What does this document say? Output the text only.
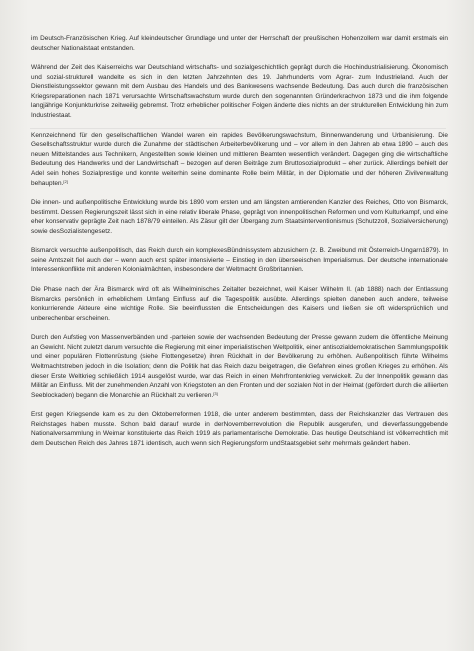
im Deutsch-Französischen Krieg. Auf kleindeutscher Grundlage und unter der Herrschaft der preußischen Hohenzollern war damit erstmals ein deutscher Nationalstaat entstanden.

Während der Zeit des Kaiserreichs war Deutschland wirtschafts- und sozialgeschichtlich geprägt durch die Hochindustrialisierung. Ökonomisch und sozial-strukturell wandelte es sich in den letzten Jahrzehnten des 19. Jahrhunderts vom Agrar- zum Industrieland. Auch der Dienstleistungssektor gewann mit dem Ausbau des Handels und des Bankwesens wachsende Bedeutung. Das auch durch die französischen Kriegsreparationen nach 1871 verursachte Wirtschaftswachstum wurde durch den sogenannten Gründerkrachvon 1873 und die ihm folgende langjährige Konjunkturkrise zeitweilig gebremst. Trotz erheblicher politischer Folgen änderte dies nichts an der strukturellen Entwicklung hin zum Industriestaat.

Kennzeichnend für den gesellschaftlichen Wandel waren ein rapides Bevölkerungswachstum, Binnenwanderung und Urbanisierung. Die Gesellschaftsstruktur wurde durch die Zunahme der städtischen Arbeiterbevölkerung und – vor allem in den Jahren ab etwa 1890 – auch des neuen Mittelstandes aus Technikern, Angestellten sowie kleinen und mittleren Beamten wesentlich verändert. Dagegen ging die wirtschaftliche Bedeutung des Handwerks und der Landwirtschaft – bezogen auf deren Beiträge zum Bruttosozialprodukt – eher zurück. Allerdings behielt der Adel sein hohes Sozialprestige und konnte weiterhin seine dominante Rolle beim Militär, in der Diplomatie und der höheren Zivilverwaltung behaupten.[2]

Die innen- und außenpolitische Entwicklung wurde bis 1890 vom ersten und am längsten amtierenden Kanzler des Reiches, Otto von Bismarck, bestimmt. Dessen Regierungszeit lässt sich in eine relativ liberale Phase, geprägt von innenpolitischen Reformen und vom Kulturkampf, und eine eher konservativ geprägte Zeit nach 1878/79 einteilen. Als Zäsur gilt der Übergang zum Staatsinterventionismus (Schutzzoll, Sozialversicherung) sowie desSozialistengesetz.

Bismarck versuchte außenpolitisch, das Reich durch ein komplexesBündnissystem abzusichern (z. B. Zweibund mit Österreich-Ungarn1879). In seine Amtszeit fiel auch der – wenn auch erst später intensivierte – Einstieg in den überseeischen Imperialismus. Der deutsche internationale Interessenkonflikte mit anderen Kolonialmächten, insbesondere der Weltmacht Großbritannien.

Die Phase nach der Ära Bismarck wird oft als Wilhelminisches Zeitalter bezeichnet, weil Kaiser Wilhelm II. (ab 1888) nach der Entlassung Bismarcks persönlich in erheblichem Umfang Einfluss auf die Tagespolitik ausübte. Allerdings spielten daneben auch andere, teilweise konkurrierende Akteure eine wichtige Rolle. Sie beeinflussten die Entscheidungen des Kaisers und ließen sie oft widersprüchlich und unberechenbar erscheinen.

Durch den Aufstieg von Massenverbänden und -parteien sowie der wachsenden Bedeutung der Presse gewann zudem die öffentliche Meinung an Gewicht. Nicht zuletzt darum versuchte die Regierung mit einer imperialistischen Weltpolitik, einer antisozialdemokratischen Sammlungspolitik und einer populären Flottenrüstung (siehe Flottengesetze) ihren Rückhalt in der Bevölkerung zu erhöhen. Außenpolitisch führte Wilhelms Weltmachtstreben jedoch in die Isolation; denn die Politik hat das Reich dazu beigetragen, die Gefahren eines großen Krieges zu erhöhen. Als dieser Erste Weltkrieg schließlich 1914 ausgelöst wurde, war das Reich in einen Mehrfrontenkrieg verwickelt. Zu der Innenpolitik gewann das Militär an Einfluss. Mit der zunehmenden Anzahl von Kriegstoten an den Fronten und der sozialen Not in der Heimat (gefördert durch die alliierten Seeblockaden) begann die Monarchie an Rückhalt zu verlieren.[3]

Erst gegen Kriegsende kam es zu den Oktoberreformen 1918, die unter anderem bestimmten, dass der Reichskanzler das Vertrauen des Reichstages haben musste. Schon bald darauf wurde in derNovemberrevolution die Republik ausgerufen, und dieverfassunggebende Nationalversammlung in Weimar konstituierte das Reich 1919 als parlamentarische Demokratie. Das heutige Deutschland ist völkerrechtlich mit dem Deutschen Reich des Jahres 1871 identisch, auch wenn sich Regierungsform undStaatsgebiet sehr mehrmals geändert haben.
